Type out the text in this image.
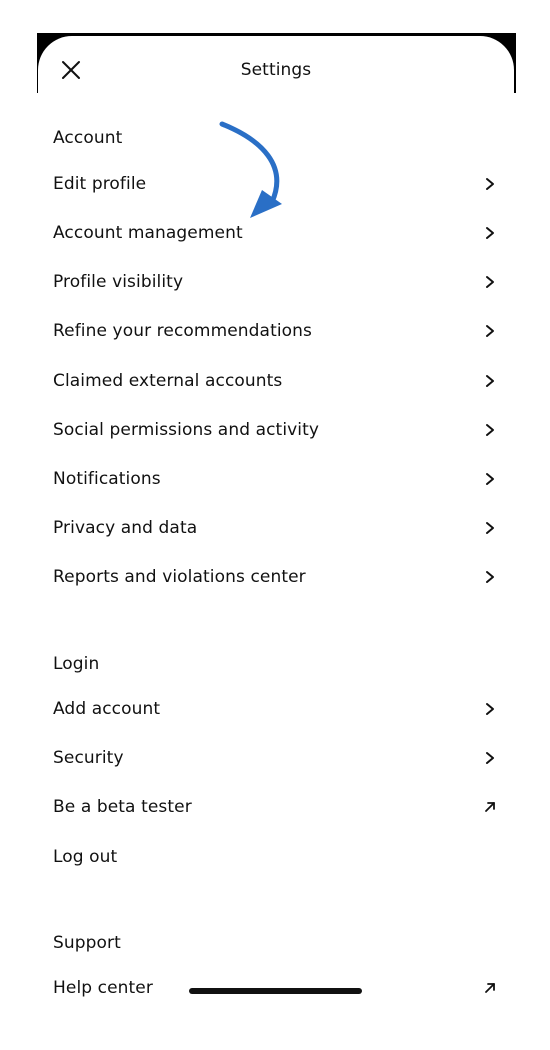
Settings
Account
Edit profile
Account management
Profile visibility
Refine your recommendations
Claimed external accounts
Social permissions and activity
Notifications
Privacy and data
Reports and violations center
Login
Add account
Security
Be a beta tester
Log out
Support
Help center
